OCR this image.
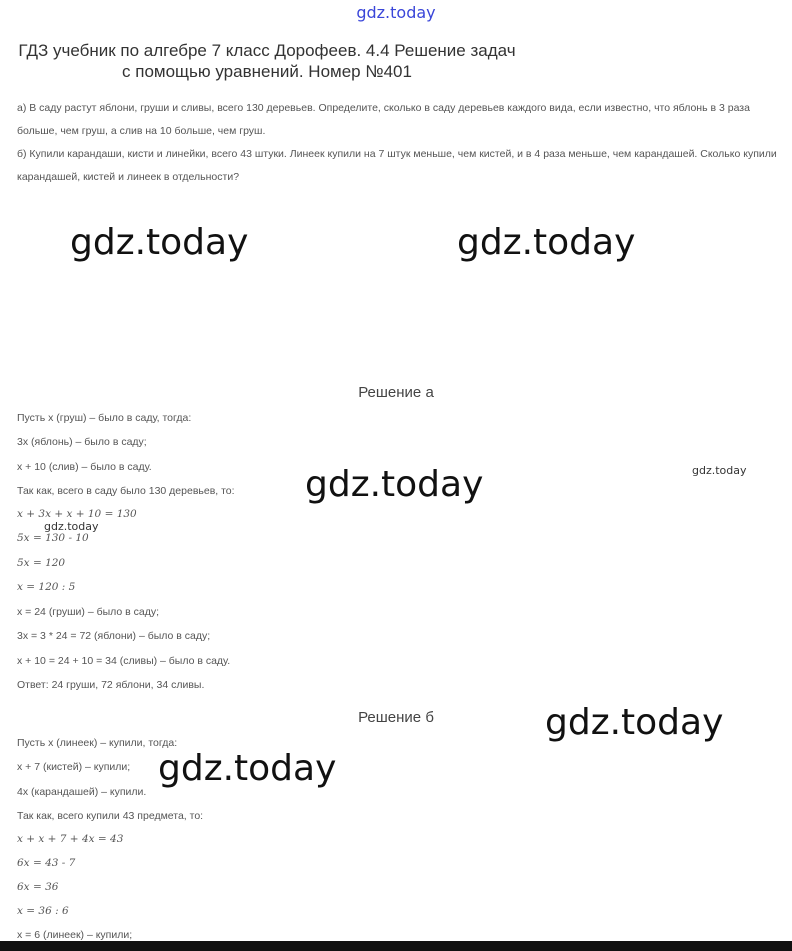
gdz.today
ГДЗ учебник по алгебре 7 класс Дорофеев. 4.4 Решение задач
с помощью уравнений. Номер №401
а) В саду растут яблони, груши и сливы, всего 130 деревьев. Определите, сколько в саду деревьев каждого вида, если известно, что яблонь в 3 раза больше, чем груш, а слив на 10 больше, чем груш.
б) Купили карандаши, кисти и линейки, всего 43 штуки. Линеек купили на 7 штук меньше, чем кистей, и в 4 раза меньше, чем карандашей. Сколько купили карандашей, кистей и линеек в отдельности?
gdz.today	gdz.today
gdz.today	gdz.today
gdz.today
gdz.today
gdz.today
Решение а
Пусть x (груш) – было в саду, тогда:
3x (яблонь) – было в саду;
x + 10 (слив) – было в саду.
Так как, всего в саду было 130 деревьев, то:
x + 3x + x + 10 = 130
5x = 130 - 10
5x = 120
x = 120 : 5
x = 24 (груши) – было в саду;
3x = 3 * 24 = 72 (яблони) – было в саду;
x + 10 = 24 + 10 = 34 (сливы) – было в саду.
Ответ: 24 груши, 72 яблони, 34 сливы.
Решение б
Пусть x (линеек) – купили, тогда:
x + 7 (кистей) – купили;
4x (карандашей) – купили.
Так как, всего купили 43 предмета, то:
x + x + 7 + 4x = 43
6x = 43 - 7
6x = 36
x = 36 : 6
x = 6 (линеек) – купили;
